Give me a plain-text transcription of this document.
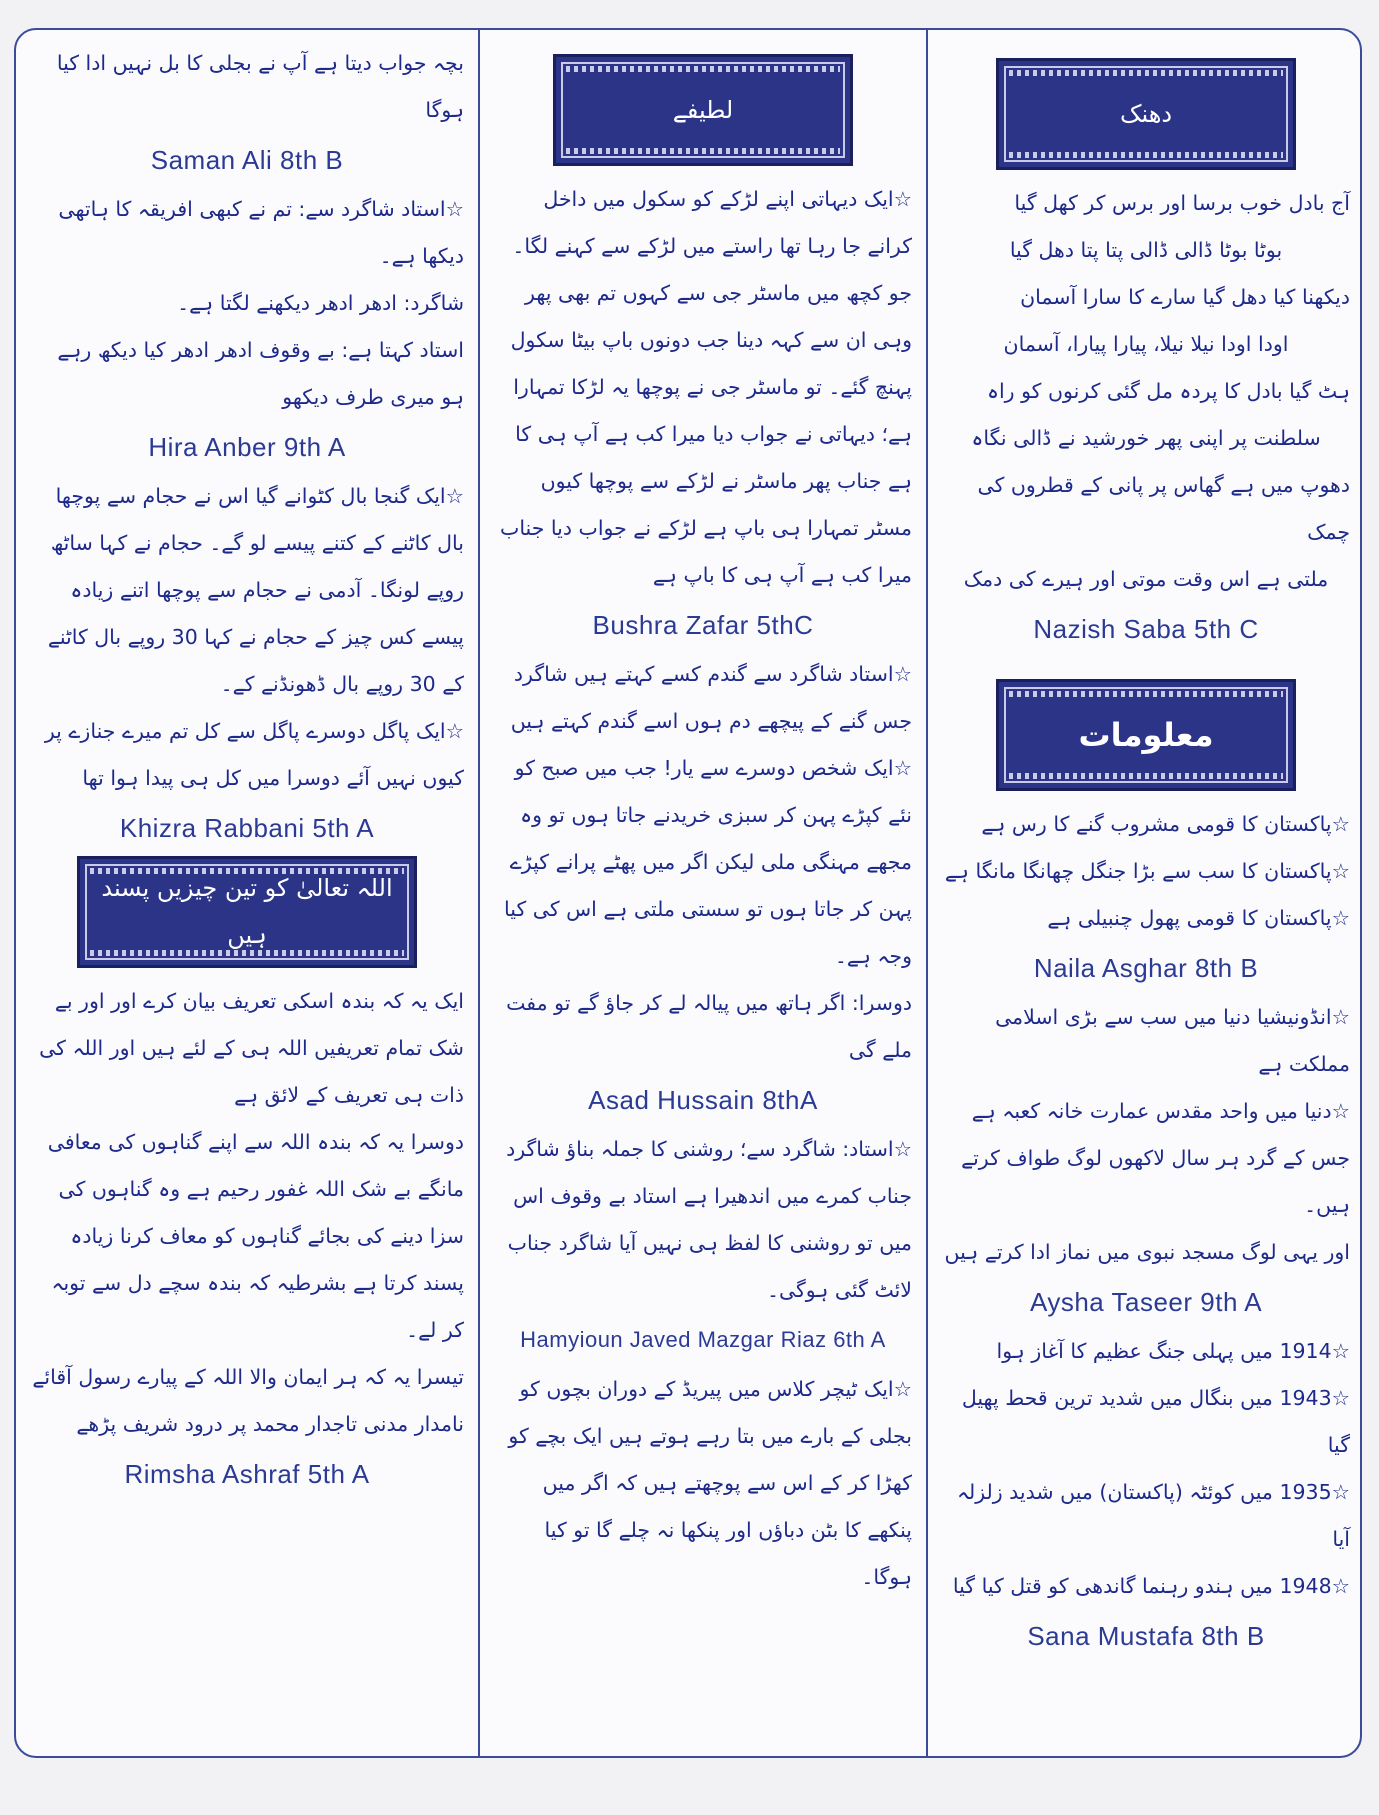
دھنک

آج بادل خوب برسا اور برس کر کھل گیا

بوٹا بوٹا ڈالی ڈالی پتا پتا دھل گیا

دیکھنا کیا دھل گیا سارے کا سارا آسمان

اودا اودا نیلا نیلا، پیارا پیارا، آسمان

ہٹ گیا بادل کا پردہ مل گئی کرنوں کو راہ

سلطنت پر اپنی پھر خورشید نے ڈالی نگاہ

دھوپ میں ہے گھاس پر پانی کے قطروں کی چمک

ملتی ہے اس وقت موتی اور ہیرے کی دمک

Nazish Saba 5th C
معلومات

☆پاکستان کا قومی مشروب گنے کا رس ہے

☆پاکستان کا سب سے بڑا جنگل چھانگا مانگا ہے

☆پاکستان کا قومی پھول چنبیلی ہے

Naila Asghar 8th B

☆انڈونیشیا دنیا میں سب سے بڑی اسلامی مملکت ہے

☆دنیا میں واحد مقدس عمارت خانہ کعبہ ہے جس کے گرد ہر سال لاکھوں لوگ طواف کرتے ہیں۔

اور یہی لوگ مسجد نبوی میں نماز ادا کرتے ہیں

Aysha Taseer 9th A

☆1914 میں پہلی جنگ عظیم کا آغاز ہوا

☆1943 میں بنگال میں شدید ترین قحط پھیل گیا

☆1935 میں کوئٹہ (پاکستان) میں شدید زلزلہ آیا

☆1948 میں ہندو رہنما گاندھی کو قتل کیا گیا

Sana Mustafa 8th B
لطیفے

☆ایک دیہاتی اپنے لڑکے کو سکول میں داخل کرانے جا رہا تھا راستے میں لڑکے سے کہنے لگا۔ جو کچھ میں ماسٹر جی سے کہوں تم بھی پھر وہی ان سے کہہ دینا جب دونوں باپ بیٹا سکول پہنچ گئے۔ تو ماسٹر جی نے پوچھا یہ لڑکا تمہارا ہے؛ دیہاتی نے جواب دیا میرا کب ہے آپ ہی کا ہے جناب پھر ماسٹر نے لڑکے سے پوچھا کیوں مسٹر تمہارا ہی باپ ہے لڑکے نے جواب دیا جناب میرا کب ہے آپ ہی کا باپ ہے

Bushra Zafar 5thC

☆استاد شاگرد سے گندم کسے کہتے ہیں شاگرد جس گنے کے پیچھے دم ہوں اسے گندم کہتے ہیں

☆ایک شخص دوسرے سے یار! جب میں صبح کو نئے کپڑے پہن کر سبزی خریدنے جاتا ہوں تو وہ مجھے مہنگی ملی لیکن اگر میں پھٹے پرانے کپڑے پہن کر جاتا ہوں تو سستی ملتی ہے اس کی کیا وجہ ہے۔

دوسرا: اگر ہاتھ میں پیالہ لے کر جاؤ گے تو مفت ملے گی

Asad Hussain 8thA

☆استاد: شاگرد سے؛ روشنی کا جملہ بناؤ شاگرد جناب کمرے میں اندھیرا ہے استاد بے وقوف اس میں تو روشنی کا لفظ ہی نہیں آیا شاگرد جناب لائٹ گئی ہوگی۔

Hamyioun Javed Mazgar Riaz 6th A

☆ایک ٹیچر کلاس میں پیریڈ کے دوران بچوں کو بجلی کے بارے میں بتا رہے ہوتے ہیں ایک بچے کو کھڑا کر کے اس سے پوچھتے ہیں کہ اگر میں پنکھے کا بٹن دباؤں اور پنکھا نہ چلے گا تو کیا ہوگا۔

بچہ جواب دیتا ہے آپ نے بجلی کا بل نہیں ادا کیا ہوگا

Saman Ali 8th B

☆استاد شاگرد سے: تم نے کبھی افریقہ کا ہاتھی دیکھا ہے۔

شاگرد: ادھر ادھر دیکھنے لگتا ہے۔

استاد کہتا ہے: بے وقوف ادھر ادھر کیا دیکھ رہے ہو میری طرف دیکھو

Hira Anber 9th A

☆ایک گنجا بال کٹوانے گیا اس نے حجام سے پوچھا بال کاٹنے کے کتنے پیسے لو گے۔ حجام نے کہا ساٹھ روپے لونگا۔ آدمی نے حجام سے پوچھا اتنے زیادہ پیسے کس چیز کے حجام نے کہا 30 روپے بال کاٹنے کے 30 روپے بال ڈھونڈنے کے۔

☆ایک پاگل دوسرے پاگل سے کل تم میرے جنازے پر کیوں نہیں آئے دوسرا میں کل ہی پیدا ہوا تھا

Khizra Rabbani 5th A
اللہ تعالیٰ کو تین چیزیں پسند ہیں

ایک یہ کہ بندہ اسکی تعریف بیان کرے اور اور بے شک تمام تعریفیں اللہ ہی کے لئے ہیں اور اللہ کی ذات ہی تعریف کے لائق ہے

دوسرا یہ کہ بندہ اللہ سے اپنے گناہوں کی معافی مانگے بے شک اللہ غفور رحیم ہے وہ گناہوں کی سزا دینے کی بجائے گناہوں کو معاف کرنا زیادہ پسند کرتا ہے بشرطیہ کہ بندہ سچے دل سے توبہ کر لے۔

تیسرا یہ کہ ہر ایمان والا اللہ کے پیارے رسول آقائے نامدار مدنی تاجدار محمد پر درود شریف پڑھے

Rimsha Ashraf 5th A
